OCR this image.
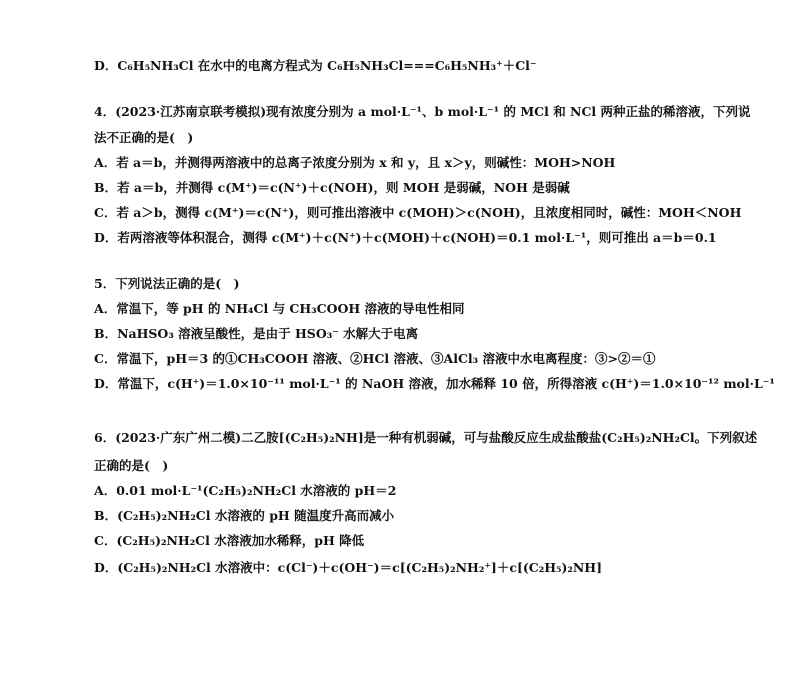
D．C₆H₅NH₃Cl 在水中的电离方程式为 C₆H₅NH₃Cl===C₆H₅NH₃⁺＋Cl⁻
4．(2023·江苏南京联考模拟)现有浓度分别为 a mol·L⁻¹、b mol·L⁻¹ 的 MCl 和 NCl 两种正盐的稀溶液，下列说
法不正确的是(　)
A．若 a＝b，并测得两溶液中的总离子浓度分别为 x 和 y，且 x＞y，则碱性：MOH>NOH
B．若 a＝b，并测得 c(M⁺)＝c(N⁺)＋c(NOH)，则 MOH 是弱碱，NOH 是弱碱
C．若 a＞b，测得 c(M⁺)＝c(N⁺)，则可推出溶液中 c(MOH)＞c(NOH)，且浓度相同时，碱性：MOH＜NOH
D．若两溶液等体积混合，测得 c(M⁺)＋c(N⁺)＋c(MOH)＋c(NOH)＝0.1 mol·L⁻¹，则可推出 a＝b＝0.1
5．下列说法正确的是(　)
A．常温下，等 pH 的 NH₄Cl 与 CH₃COOH 溶液的导电性相同
B．NaHSO₃ 溶液呈酸性，是由于 HSO₃⁻ 水解大于电离
C．常温下，pH＝3 的①CH₃COOH 溶液、②HCl 溶液、③AlCl₃ 溶液中水电离程度：③>②＝①
D．常温下，c(H⁺)＝1.0×10⁻¹¹ mol·L⁻¹ 的 NaOH 溶液，加水稀释 10 倍，所得溶液 c(H⁺)＝1.0×10⁻¹² mol·L⁻¹
6．(2023·广东广州二模)二乙胺[(C₂H₅)₂NH]是一种有机弱碱，可与盐酸反应生成盐酸盐(C₂H₅)₂NH₂Cl。下列叙述
正确的是(　)
A．0.01 mol·L⁻¹(C₂H₅)₂NH₂Cl 水溶液的 pH＝2
B．(C₂H₅)₂NH₂Cl 水溶液的 pH 随温度升高而减小
C．(C₂H₅)₂NH₂Cl 水溶液加水稀释，pH 降低
D．(C₂H₅)₂NH₂Cl 水溶液中：c(Cl⁻)＋c(OH⁻)＝c[(C₂H₅)₂NH₂⁺]＋c[(C₂H₅)₂NH]
